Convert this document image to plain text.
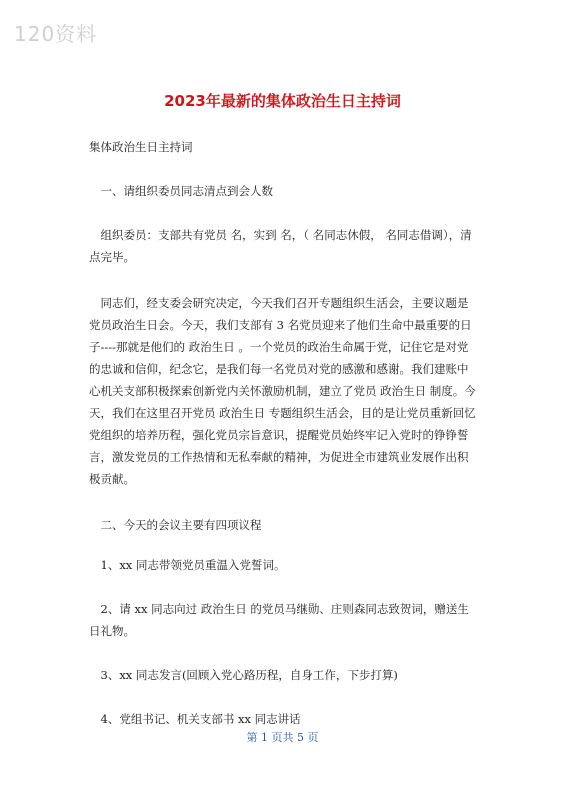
120资料
2023年最新的集体政治生日主持词

集体政治生日主持词

一、请组织委员同志清点到会人数

组织委员：支部共有党员 名，实到 名，（ 名同志休假， 名同志借调），清点完毕。

同志们，经支委会研究决定，今天我们召开专题组织生活会，主要议题是党员政治生日会。今天，我们支部有 3 名党员迎来了他们生命中最重要的日子----那就是他们的 政治生日 。一个党员的政治生命属于党，记住它是对党的忠诚和信仰，纪念它，是我们每一名党员对党的感激和感谢。我们建账中心机关支部积极探索创新党内关怀激励机制，建立了党员 政治生日 制度。今天，我们在这里召开党员 政治生日 专题组织生活会，目的是让党员重新回忆党组织的培养历程，强化党员宗旨意识，提醒党员始终牢记入党时的铮铮誓言，激发党员的工作热情和无私奉献的精神，为促进全市建筑业发展作出积极贡献。

二、今天的会议主要有四项议程

1、xx 同志带领党员重温入党誓词。

2、请 xx 同志向过 政治生日 的党员马继勋、庄则森同志致贺词，赠送生日礼物。

3、xx 同志发言(回顾入党心路历程，自身工作，下步打算)

4、党组书记、机关支部书 xx 同志讲话

第 1 页共 5 页
